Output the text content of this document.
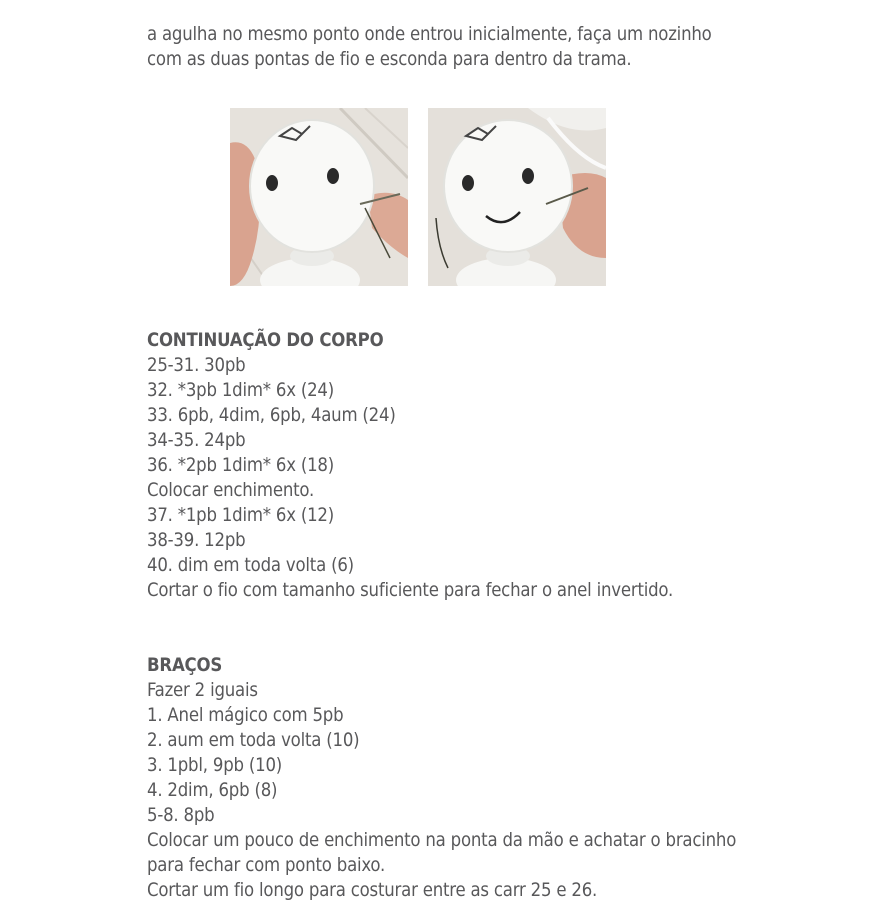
a agulha no mesmo ponto onde entrou inicialmente, faça um nozinho

com as duas pontas de fio e esconda para dentro da trama.

CONTINUAÇÃO DO CORPO

25-31. 30pb

32. *3pb 1dim* 6x (24)

33. 6pb, 4dim, 6pb, 4aum (24)

34-35. 24pb

36. *2pb 1dim* 6x (18)

Colocar enchimento.

37. *1pb 1dim* 6x (12)

38-39. 12pb

40. dim em toda volta (6)

Cortar o fio com tamanho suficiente para fechar o anel invertido.

BRAÇOS

Fazer 2 iguais

1. Anel mágico com 5pb

2. aum em toda volta (10)

3. 1pbl, 9pb (10)

4. 2dim, 6pb (8)

5-8. 8pb

Colocar um pouco de enchimento na ponta da mão e achatar o bracinho

para fechar com ponto baixo.

Cortar um fio longo para costurar entre as carr 25 e 26.
